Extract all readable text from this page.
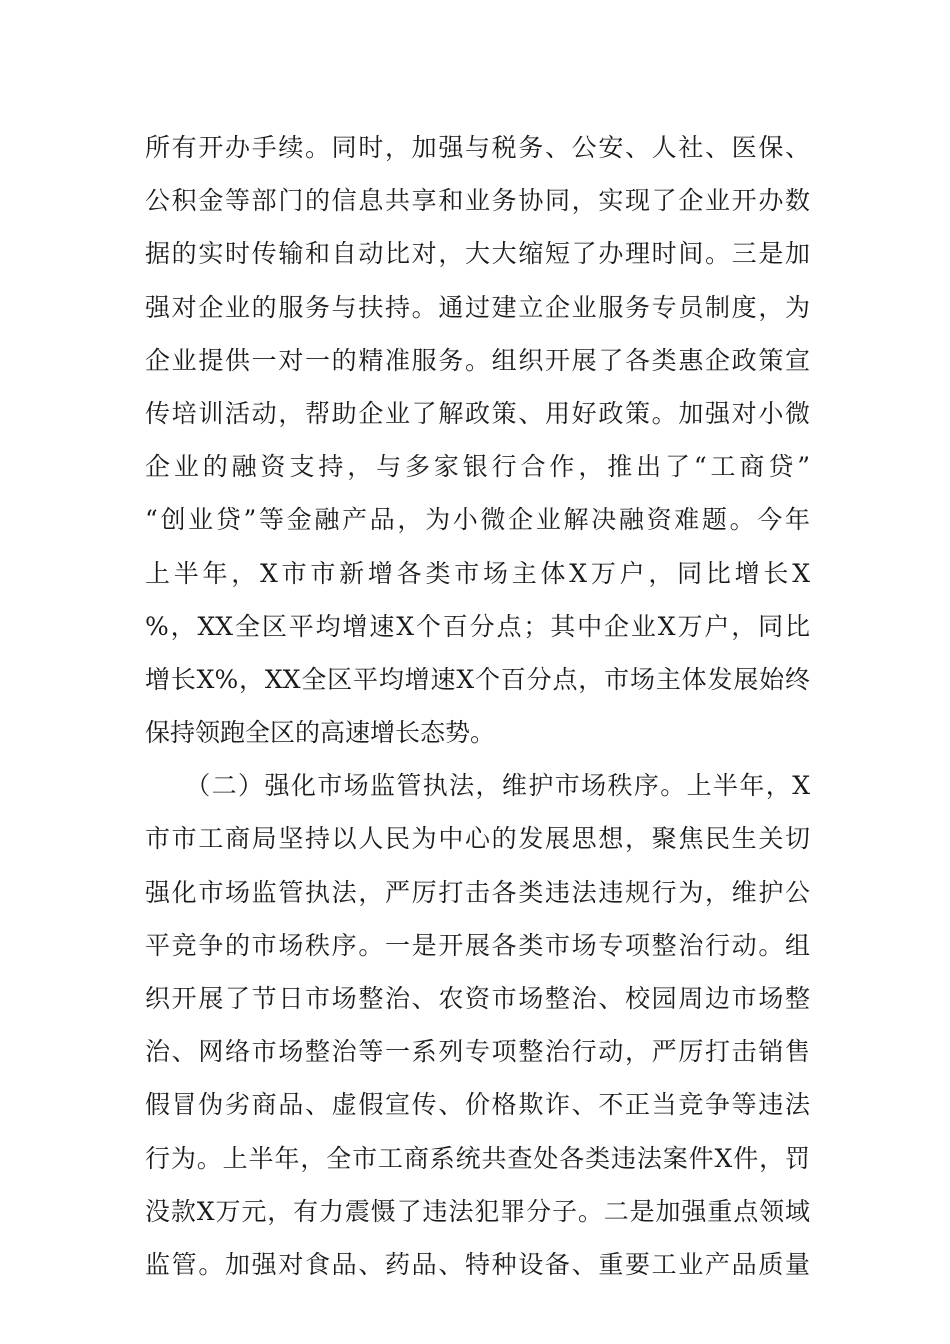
所有开办手续。同时，加强与税务、公安、人社、医保、
公积金等部门的信息共享和业务协同，实现了企业开办数
据的实时传输和自动比对，大大缩短了办理时间。三是加
强对企业的服务与扶持。通过建立企业服务专员制度，为
企业提供一对一的精准服务。组织开展了各类惠企政策宣
传培训活动，帮助企业了解政策、用好政策。加强对小微
企业的融资支持，与多家银行合作，推出了“工商贷”
“创业贷”等金融产品，为小微企业解决融资难题。今年
上半年，X市市新增各类市场主体X万户，同比增长X
%，XX全区平均增速X个百分点；其中企业X万户，同比
增长X%，XX全区平均增速X个百分点，市场主体发展始终
保持领跑全区的高速增长态势。
　　（二）强化市场监管执法，维护市场秩序。上半年，X
市市工商局坚持以人民为中心的发展思想，聚焦民生关切
强化市场监管执法，严厉打击各类违法违规行为，维护公
平竞争的市场秩序。一是开展各类市场专项整治行动。组
织开展了节日市场整治、农资市场整治、校园周边市场整
治、网络市场整治等一系列专项整治行动，严厉打击销售
假冒伪劣商品、虚假宣传、价格欺诈、不正当竞争等违法
行为。上半年，全市工商系统共查处各类违法案件X件，罚
没款X万元，有力震慑了违法犯罪分子。二是加强重点领域
监管。加强对食品、药品、特种设备、重要工业产品质量
